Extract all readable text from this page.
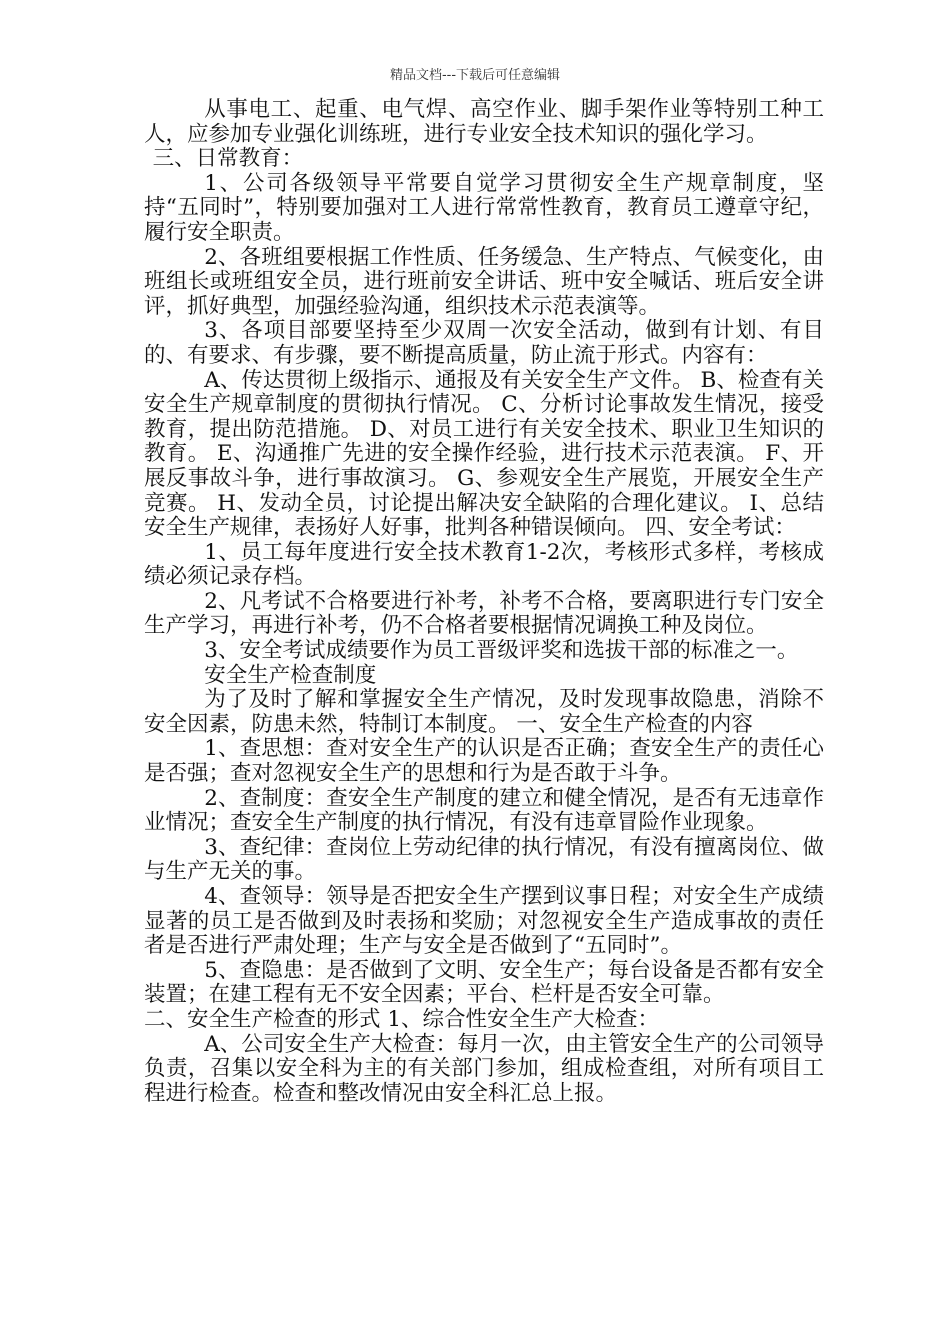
精品文档---下载后可任意编辑

从事电工、起重、电气焊、高空作业、脚手架作业等特别工种工人，应参加专业强化训练班，进行专业安全技术知识的强化学习。

三、日常教育：

1、公司各级领导平常要自觉学习贯彻安全生产规章制度，坚持“五同时”，特别要加强对工人进行常常性教育，教育员工遵章守纪，履行安全职责。

2、各班组要根据工作性质、任务缓急、生产特点、气候变化，由班组长或班组安全员，进行班前安全讲话、班中安全喊话、班后安全讲评，抓好典型，加强经验沟通，组织技术示范表演等。

3、各项目部要坚持至少双周一次安全活动，做到有计划、有目的、有要求、有步骤，要不断提高质量，防止流于形式。内容有：

A、传达贯彻上级指示、通报及有关安全生产文件。 B、检查有关安全生产规章制度的贯彻执行情况。 C、分析讨论事故发生情况，接受教育，提出防范措施。 D、对员工进行有关安全技术、职业卫生知识的教育。 E、沟通推广先进的安全操作经验，进行技术示范表演。 F、开展反事故斗争，进行事故演习。 G、参观安全生产展览，开展安全生产竞赛。 H、发动全员，讨论提出解决安全缺陷的合理化建议。 I、总结安全生产规律，表扬好人好事，批判各种错误倾向。 四、安全考试：

1、员工每年度进行安全技术教育1-2次，考核形式多样，考核成绩必须记录存档。

2、凡考试不合格要进行补考，补考不合格，要离职进行专门安全生产学习，再进行补考，仍不合格者要根据情况调换工种及岗位。

3、安全考试成绩要作为员工晋级评奖和选拔干部的标准之一。

安全生产检查制度

为了及时了解和掌握安全生产情况，及时发现事故隐患，消除不安全因素，防患未然，特制订本制度。 一、安全生产检查的内容

1、查思想：查对安全生产的认识是否正确；查安全生产的责任心是否强；查对忽视安全生产的思想和行为是否敢于斗争。

2、查制度：查安全生产制度的建立和健全情况，是否有无违章作业情况；查安全生产制度的执行情况，有没有违章冒险作业现象。

3、查纪律：查岗位上劳动纪律的执行情况，有没有擅离岗位、做与生产无关的事。

4、查领导：领导是否把安全生产摆到议事日程；对安全生产成绩显著的员工是否做到及时表扬和奖励；对忽视安全生产造成事故的责任者是否进行严肃处理；生产与安全是否做到了“五同时”。

5、查隐患：是否做到了文明、安全生产；每台设备是否都有安全装置；在建工程有无不安全因素；平台、栏杆是否安全可靠。

二、安全生产检查的形式 1、综合性安全生产大检查：

A、公司安全生产大检查：每月一次，由主管安全生产的公司领导负责，召集以安全科为主的有关部门参加，组成检查组，对所有项目工程进行检查。检查和整改情况由安全科汇总上报。
